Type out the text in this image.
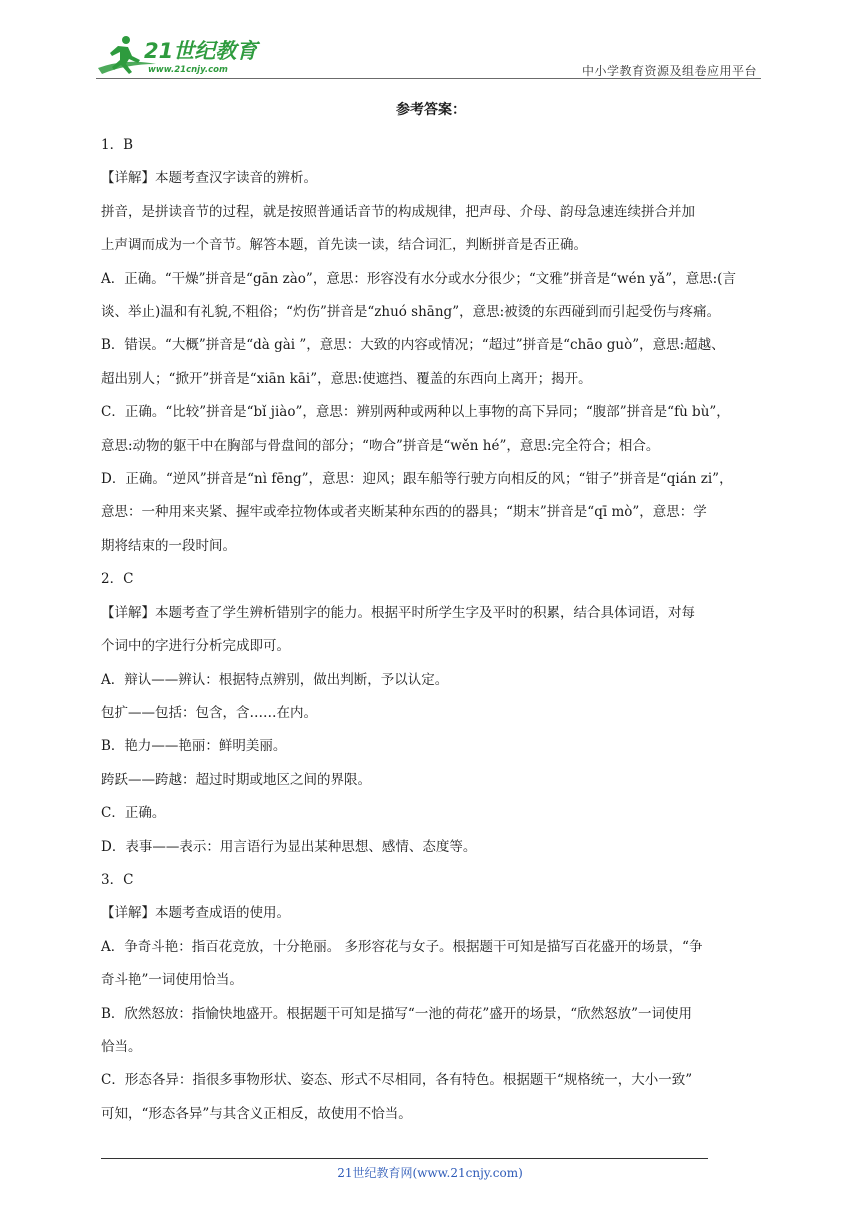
21世纪教育
www.21cnjy.com	中小学教育资源及组卷应用平台
参考答案：

1．B

【详解】本题考查汉字读音的辨析。

拼音，是拼读音节的过程，就是按照普通话音节的构成规律，把声母、介母、韵母急速连续拼合并加

上声调而成为一个音节。解答本题，首先读一读，结合词汇，判断拼音是否正确。

A．正确。“干燥”拼音是“gān zào”，意思：形容没有水分或水分很少；“文雅”拼音是“wén yǎ”，意思:(言

谈、举止)温和有礼貌,不粗俗；“灼伤”拼音是“zhuó shāng”，意思:被烫的东西碰到而引起受伤与疼痛。

B．错误。“大概”拼音是“dà gài ”，意思：大致的内容或情况；“超过”拼音是“chāo guò”，意思:超越、

超出别人；“掀开”拼音是“xiān kāi”，意思:使遮挡、覆盖的东西向上离开；揭开。

C．正确。“比较”拼音是“bǐ jiào”，意思：辨别两种或两种以上事物的高下异同；“腹部”拼音是“fù bù”，

意思:动物的躯干中在胸部与骨盘间的部分；“吻合”拼音是“wěn hé”，意思:完全符合；相合。

D．正确。“逆风”拼音是“nì fēng”，意思：迎风；跟车船等行驶方向相反的风；“钳子”拼音是“qián zi”，

意思：一种用来夹紧、握牢或牵拉物体或者夹断某种东西的的器具；“期末”拼音是“qī mò”，意思：学

期将结束的一段时间。

2．C

【详解】本题考查了学生辨析错别字的能力。根据平时所学生字及平时的积累，结合具体词语，对每

个词中的字进行分析完成即可。

A．辩认——辨认：根据特点辨别，做出判断，予以认定。

包扩——包括：包含，含……在内。

B．艳力——艳丽：鲜明美丽。

跨跃——跨越：超过时期或地区之间的界限。

C．正确。

D．表事——表示：用言语行为显出某种思想、感情、态度等。

3．C

【详解】本题考查成语的使用。

A．争奇斗艳：指百花竞放，十分艳丽。 多形容花与女子。根据题干可知是描写百花盛开的场景，“争

奇斗艳”一词使用恰当。

B．欣然怒放：指愉快地盛开。根据题干可知是描写“一池的荷花”盛开的场景，“欣然怒放”一词使用

恰当。

C．形态各异：指很多事物形状、姿态、形式不尽相同，各有特色。根据题干“规格统一，大小一致”

可知，“形态各异”与其含义正相反，故使用不恰当。

21世纪教育网(www.21cnjy.com)
